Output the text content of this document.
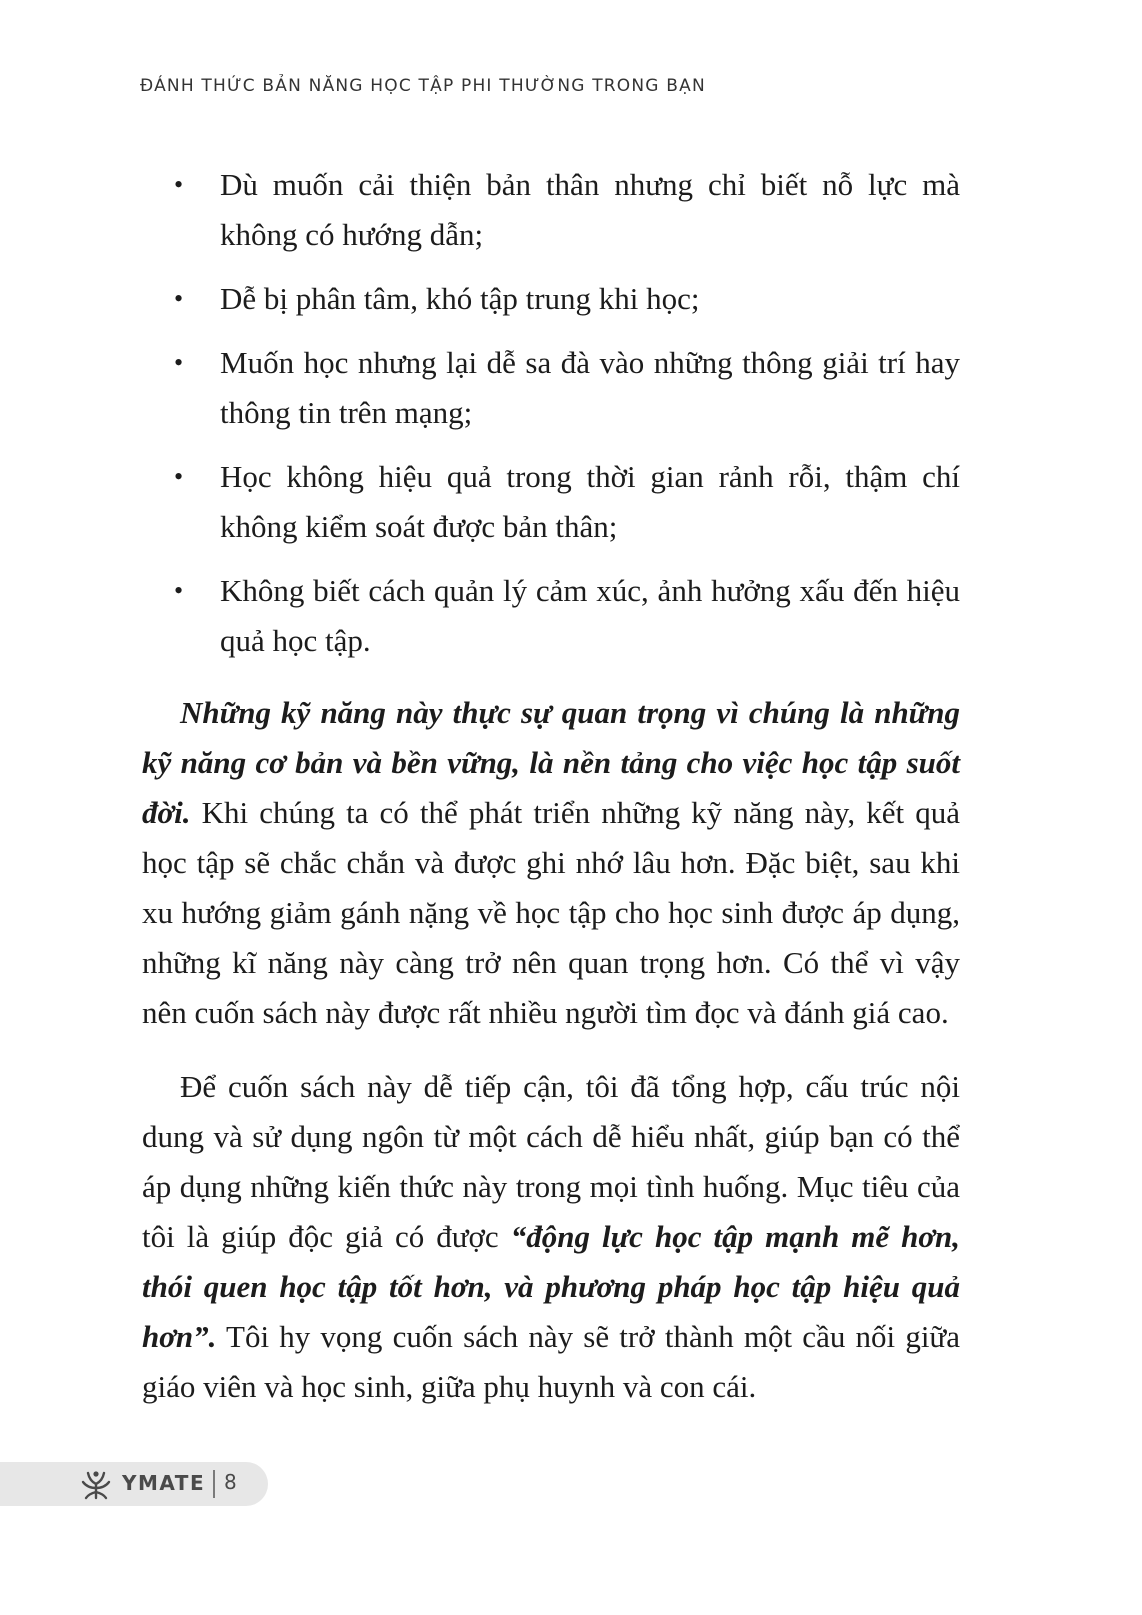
ĐÁNH THỨC BẢN NĂNG HỌC TẬP PHI THƯỜNG TRONG BẠN
• Dù muốn cải thiện bản thân nhưng chỉ biết nỗ lực mà không có hướng dẫn;
• Dễ bị phân tâm, khó tập trung khi học;
• Muốn học nhưng lại dễ sa đà vào những thông giải trí hay thông tin trên mạng;
• Học không hiệu quả trong thời gian rảnh rỗi, thậm chí không kiểm soát được bản thân;
• Không biết cách quản lý cảm xúc, ảnh hưởng xấu đến hiệu quả học tập.

Những kỹ năng này thực sự quan trọng vì chúng là những kỹ năng cơ bản và bền vững, là nền tảng cho việc học tập suốt đời. Khi chúng ta có thể phát triển những kỹ năng này, kết quả học tập sẽ chắc chắn và được ghi nhớ lâu hơn. Đặc biệt, sau khi xu hướng giảm gánh nặng về học tập cho học sinh được áp dụng, những kĩ năng này càng trở nên quan trọng hơn. Có thể vì vậy nên cuốn sách này được rất nhiều người tìm đọc và đánh giá cao.

Để cuốn sách này dễ tiếp cận, tôi đã tổng hợp, cấu trúc nội dung và sử dụng ngôn từ một cách dễ hiểu nhất, giúp bạn có thể áp dụng những kiến thức này trong mọi tình huống. Mục tiêu của tôi là giúp độc giả có được “động lực học tập mạnh mẽ hơn, thói quen học tập tốt hơn, và phương pháp học tập hiệu quả hơn”. Tôi hy vọng cuốn sách này sẽ trở thành một cầu nối giữa giáo viên và học sinh, giữa phụ huynh và con cái.

YMATE 8
